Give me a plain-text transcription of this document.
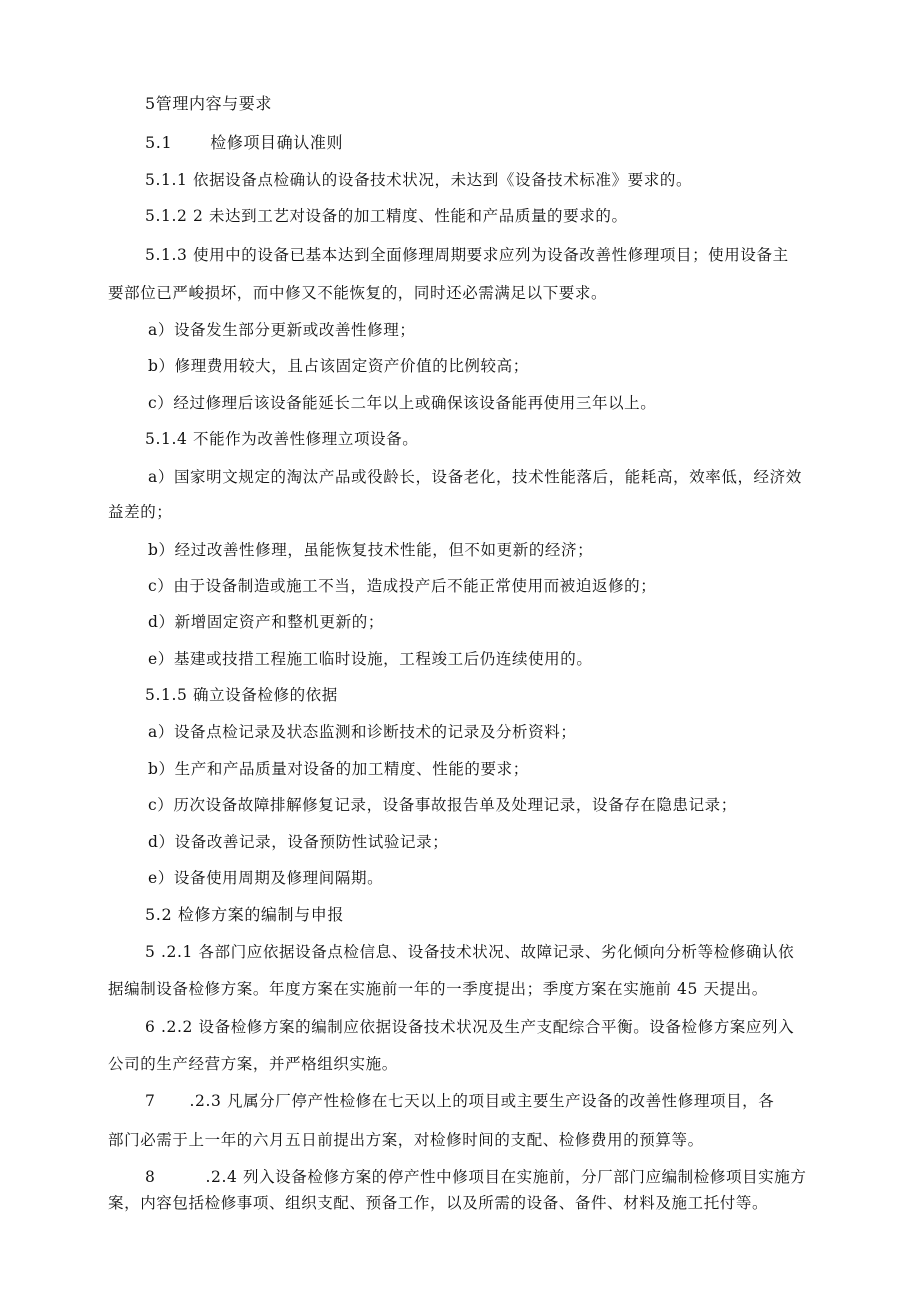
5管理内容与要求
5.1 检修项目确认准则
5.1.1 依据设备点检确认的设备技术状况，未达到《设备技术标准》要求的。
5.1.2 2 未达到工艺对设备的加工精度、性能和产品质量的要求的。
5.1.3 使用中的设备已基本达到全面修理周期要求应列为设备改善性修理项目；使用设备主
要部位已严峻损坏，而中修又不能恢复的，同时还必需满足以下要求。
a）设备发生部分更新或改善性修理；
b）修理费用较大，且占该固定资产价值的比例较高；
c）经过修理后该设备能延长二年以上或确保该设备能再使用三年以上。
5.1.4 不能作为改善性修理立项设备。
a）国家明文规定的淘汰产品或役龄长，设备老化，技术性能落后，能耗高，效率低，经济效
益差的；
b）经过改善性修理，虽能恢复技术性能，但不如更新的经济；
c）由于设备制造或施工不当，造成投产后不能正常使用而被迫返修的；
d）新增固定资产和整机更新的；
e）基建或技措工程施工临时设施，工程竣工后仍连续使用的。
5.1.5 确立设备检修的依据
a）设备点检记录及状态监测和诊断技术的记录及分析资料；
b）生产和产品质量对设备的加工精度、性能的要求；
c）历次设备故障排解修复记录，设备事故报告单及处理记录，设备存在隐患记录；
d）设备改善记录，设备预防性试验记录；
e）设备使用周期及修理间隔期。
5.2 检修方案的编制与申报
5 .2.1 各部门应依据设备点检信息、设备技术状况、故障记录、劣化倾向分析等检修确认依
据编制设备检修方案。年度方案在实施前一年的一季度提出；季度方案在实施前 45 天提出。
6 .2.2 设备检修方案的编制应依据设备技术状况及生产支配综合平衡。设备检修方案应列入
公司的生产经营方案，并严格组织实施。
7 .2.3 凡属分厂停产性检修在七天以上的项目或主要生产设备的改善性修理项目，各
部门必需于上一年的六月五日前提出方案，对检修时间的支配、检修费用的预算等。
8	.2.4 列入设备检修方案的停产性中修项目在实施前，分厂部门应编制检修项目实施方
案，内容包括检修事项、组织支配、预备工作，以及所需的设备、备件、材料及施工托付等。
